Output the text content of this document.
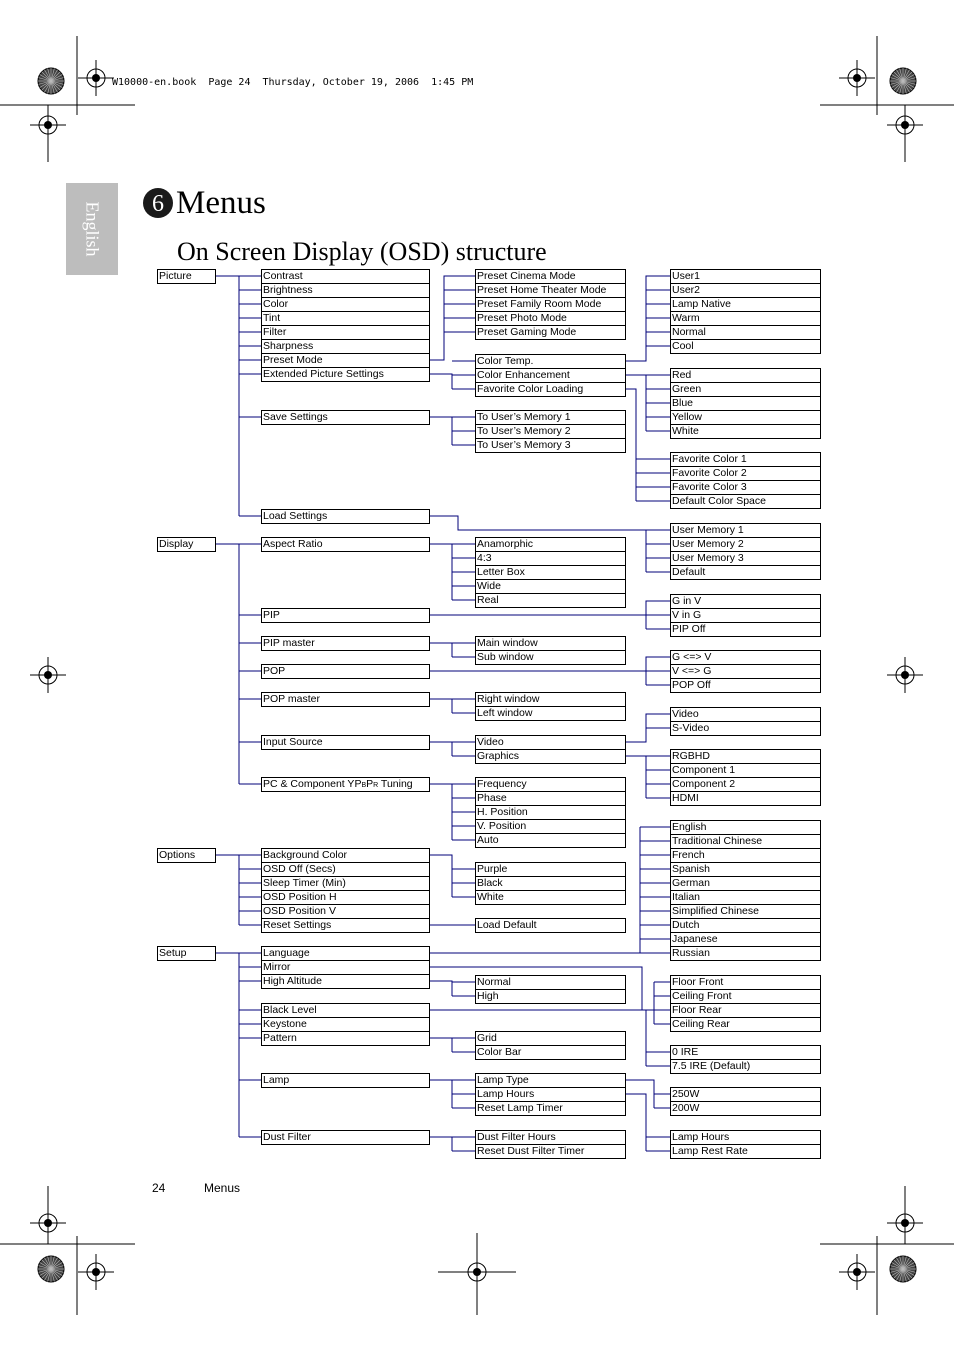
W10000-en.book  Page 24  Thursday, October 19, 2006  1:45 PM
English	6 Menus
On Screen Display (OSD) structure
Picture
Display
Options
Setup
Contrast
Brightness
Color
Tint
Filter
Sharpness
Preset Mode
Extended Picture Settings
Save Settings
Load Settings
Preset Cinema Mode
Preset Home Theater Mode
Preset Family Room Mode
Preset Photo Mode
Preset Gaming Mode
Color Temp.
Color Enhancement
Favorite Color Loading
To User’s Memory 1
To User’s Memory 2
To User’s Memory 3
User1
User2
Lamp Native
Warm
Normal
Cool
Red
Green
Blue
Yellow
White
Favorite Color 1
Favorite Color 2
Favorite Color 3
Default Color Space
User Memory 1
User Memory 2
User Memory 3
Default
Aspect Ratio	Anamorphic
4:3
Letter Box
Wide
Real
PIP
G in V
V in G
PIP Off
PIP master	Main window
Sub window
POP
G <=> V
V <=> G
POP Off
POP master	Right window
Left window
Input Source	Video
Graphics
Video
S-Video
RGBHD
Component 1
Component 2
HDMI
PC & Component YPBPR Tuning	Frequency
Phase
H. Position
V. Position
Auto
Background Color
OSD Off (Secs)
Sleep Timer (Min)
OSD Position H
OSD Position V
Reset Settings
Purple
Black
White
Load Default
English
Traditional Chinese
French
Spanish
German
Italian
Simplified Chinese
Dutch
Japanese
Russian
Language
Mirror
High Altitude	Normal
High
Floor Front
Ceiling Front
Floor Rear
Ceiling Rear
Black Level
Keystone
Pattern	Grid
Color Bar	0 IRE
7.5 IRE (Default)
Lamp	Lamp Type
Lamp Hours
Reset Lamp Timer
250W
200W
Dust Filter	Dust Filter Hours
Reset Dust Filter Timer
Lamp Hours
Lamp Rest Rate
24	Menus
